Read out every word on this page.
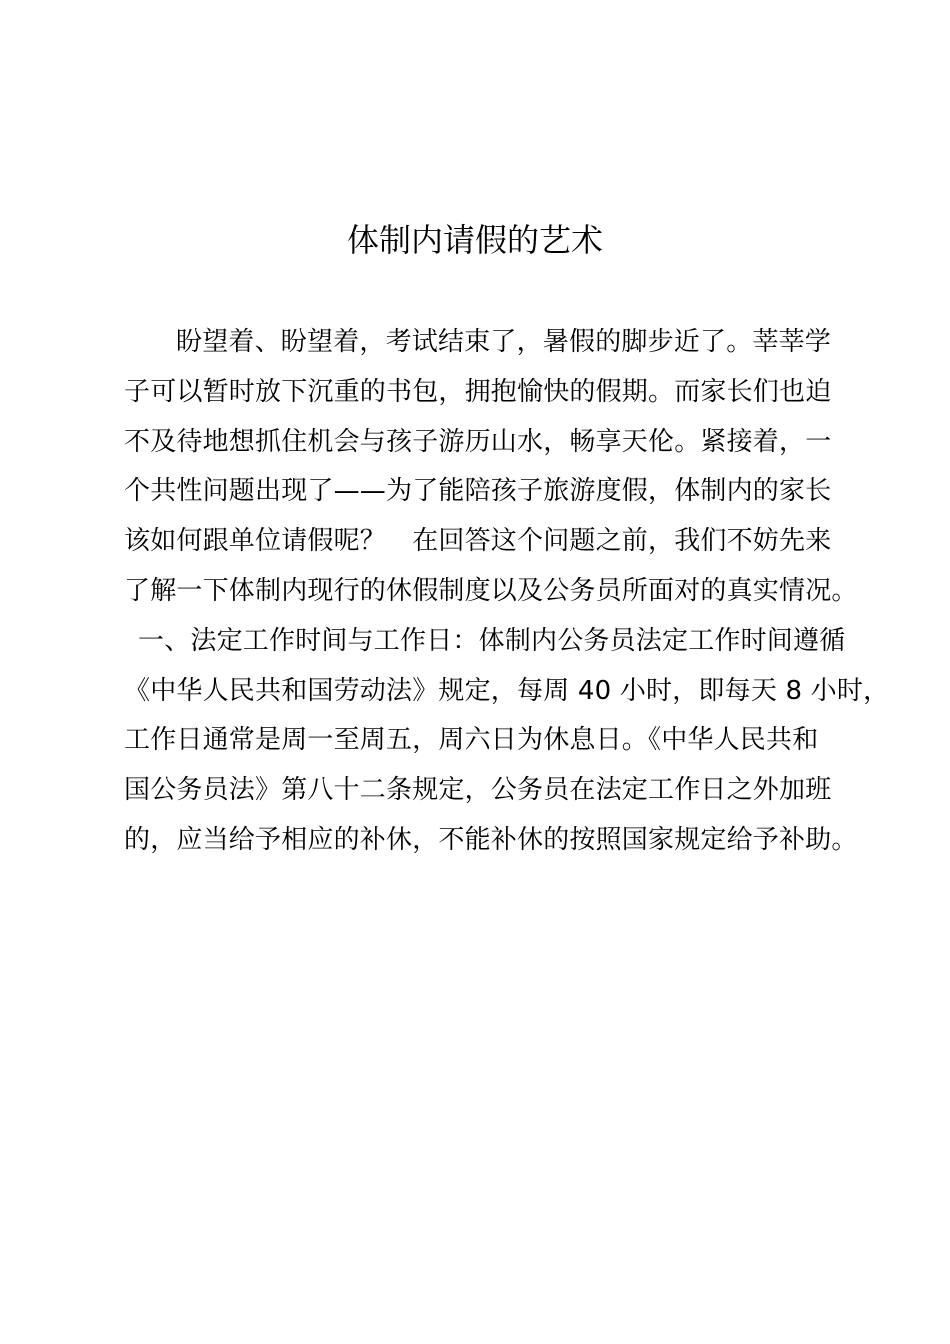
体制内请假的艺术
盼望着、盼望着，考试结束了，暑假的脚步近了。莘莘学
子可以暂时放下沉重的书包，拥抱愉快的假期。而家长们也迫
不及待地想抓住机会与孩子游历山水，畅享天伦。紧接着，一
个共性问题出现了——为了能陪孩子旅游度假，体制内的家长
该如何跟单位请假呢？　在回答这个问题之前，我们不妨先来
了解一下体制内现行的休假制度以及公务员所面对的真实情况。
一、法定工作时间与工作日：体制内公务员法定工作时间遵循
《中华人民共和国劳动法》规定，每周 40 小时，即每天 8 小时，
工作日通常是周一至周五，周六日为休息日。《中华人民共和
国公务员法》第八十二条规定，公务员在法定工作日之外加班
的，应当给予相应的补休，不能补休的按照国家规定给予补助。
